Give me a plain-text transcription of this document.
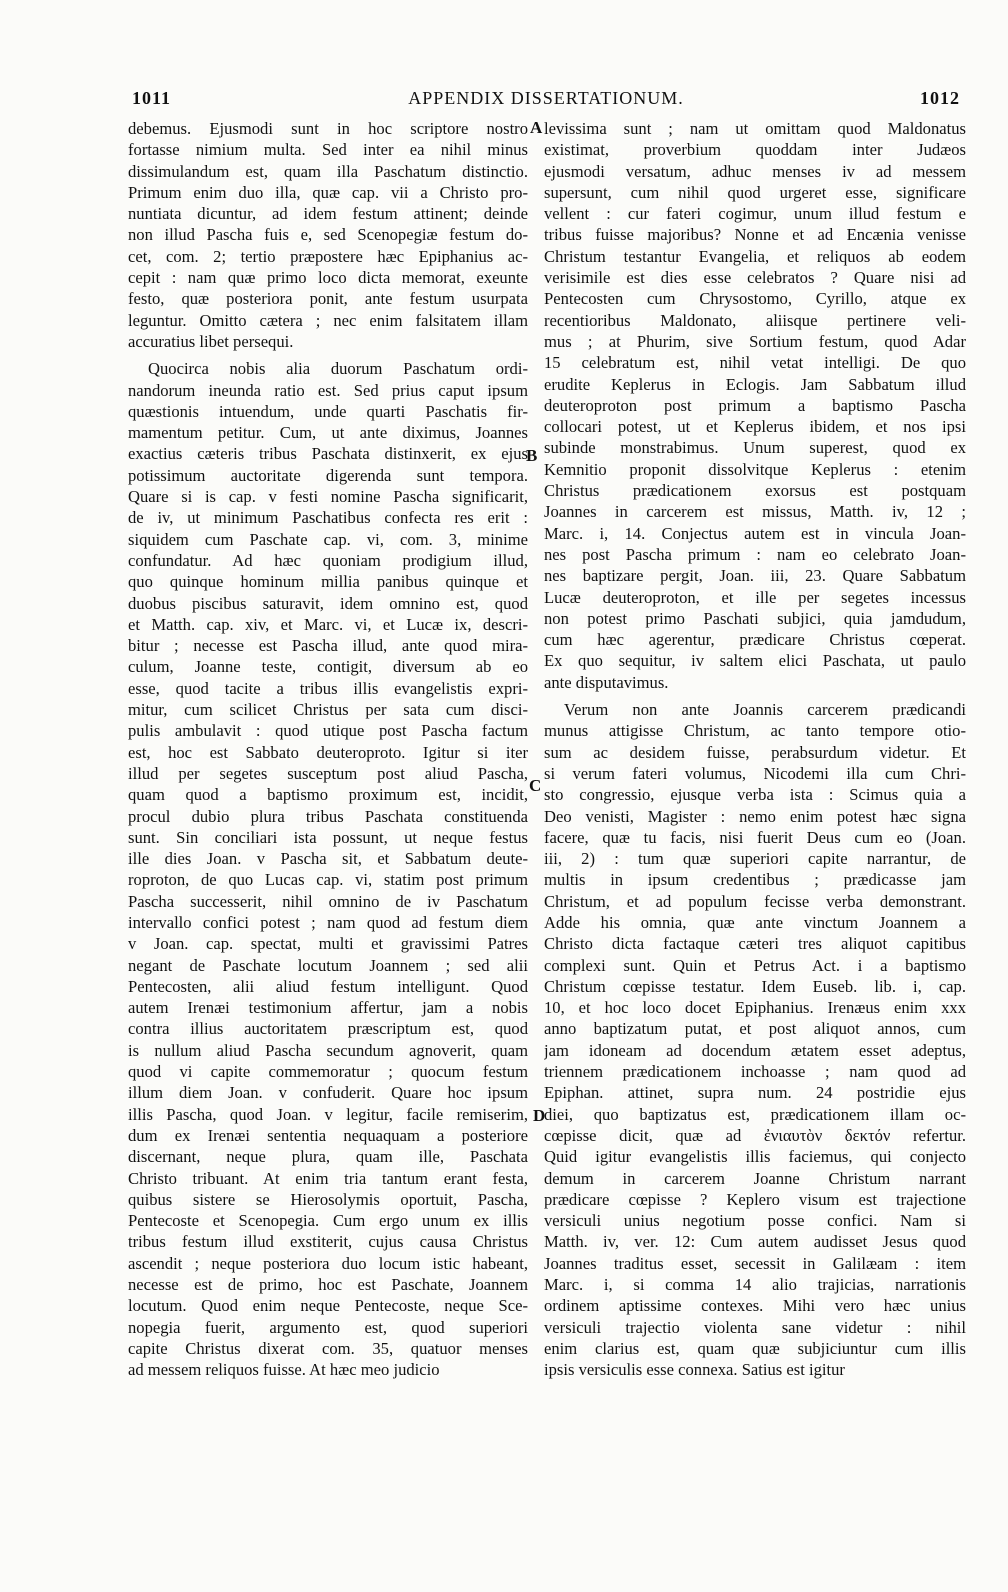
1011	APPENDIX DISSERTATIONUM.	1012
debemus. Ejusmodi sunt in hoc scriptore nostro
fortasse nimium multa. Sed inter ea nihil minus
dissimulandum est, quam illa Paschatum distinctio.
Primum enim duo illa, quæ cap. vii a Christo pro-
nuntiata dicuntur, ad idem festum attinent; deinde
non illud Pascha fuis e, sed Scenopegiæ festum do-
cet, com. 2; tertio præpostere hæc Epiphanius ac-
cepit : nam quæ primo loco dicta memorat, exeunte
festo, quæ posteriora ponit, ante festum usurpata
leguntur. Omitto cætera ; nec enim falsitatem illam
accuratius libet persequi.
Quocirca nobis alia duorum Paschatum ordi-
nandorum ineunda ratio est. Sed prius caput ipsum
quæstionis intuendum, unde quarti Paschatis fir-
mamentum petitur. Cum, ut ante diximus, Joannes
exactius cæteris tribus Paschata distinxerit, ex ejus
potissimum auctoritate digerenda sunt tempora.
Quare si is cap. v festi nomine Pascha significarit,
de iv, ut minimum Paschatibus confecta res erit :
siquidem cum Paschate cap. vi, com. 3, minime
confundatur. Ad hæc quoniam prodigium illud,
quo quinque hominum millia panibus quinque et
duobus piscibus saturavit, idem omnino est, quod
et Matth. cap. xiv, et Marc. vi, et Lucæ ix, descri-
bitur ; necesse est Pascha illud, ante quod mira-
culum, Joanne teste, contigit, diversum ab eo
esse, quod tacite a tribus illis evangelistis expri-
mitur, cum scilicet Christus per sata cum disci-
pulis ambulavit : quod utique post Pascha factum
est, hoc est Sabbato deuteroproto. Igitur si iter
illud per segetes susceptum post aliud Pascha,
quam quod a baptismo proximum est, incidit,
procul dubio plura tribus Paschata constituenda
sunt. Sin conciliari ista possunt, ut neque festus
ille dies Joan. v Pascha sit, et Sabbatum deute-
roproton, de quo Lucas cap. vi, statim post primum
Pascha successerit, nihil omnino de iv Paschatum
intervallo confici potest ; nam quod ad festum diem
v Joan. cap. spectat, multi et gravissimi Patres
negant de Paschate locutum Joannem ; sed alii
Pentecosten, alii aliud festum intelligunt. Quod
autem Irenæi testimonium affertur, jam a nobis
contra illius auctoritatem præscriptum est, quod
is nullum aliud Pascha secundum agnoverit, quam
quod vi capite commemoratur ; quocum festum
illum diem Joan. v confuderit. Quare hoc ipsum
illis Pascha, quod Joan. v legitur, facile remiserim,
dum ex Irenæi sententia nequaquam a posteriore
discernant, neque plura, quam ille, Paschata
Christo tribuant. At enim tria tantum erant festa,
quibus sistere se Hierosolymis oportuit, Pascha,
Pentecoste et Scenopegia. Cum ergo unum ex illis
tribus festum illud exstiterit, cujus causa Christus
ascendit ; neque posteriora duo locum istic habeant,
necesse est de primo, hoc est Paschate, Joannem
locutum. Quod enim neque Pentecoste, neque Sce-
nopegia fuerit, argumento est, quod superiori
capite Christus dixerat com. 35, quatuor menses
ad messem reliquos fuisse. At hæc meo judicio
levissima sunt ; nam ut omittam quod Maldonatus
existimat, proverbium quoddam inter Judæos
ejusmodi versatum, adhuc menses iv ad messem
supersunt, cum nihil quod urgeret esse, significare
vellent : cur fateri cogimur, unum illud festum e
tribus fuisse majoribus? Nonne et ad Encænia venisse
Christum testantur Evangelia, et reliquos ab eodem
verisimile est dies esse celebratos ? Quare nisi ad
Pentecosten cum Chrysostomo, Cyrillo, atque ex
recentioribus Maldonato, aliisque pertinere veli-
mus ; at Phurim, sive Sortium festum, quod Adar
15 celebratum est, nihil vetat intelligi. De quo
erudite Keplerus in Eclogis. Jam Sabbatum illud
deuteroproton post primum a baptismo Pascha
collocari potest, ut et Keplerus ibidem, et nos ipsi
subinde monstrabimus. Unum superest, quod ex
Kemnitio proponit dissolvitque Keplerus : etenim
Christus prædicationem exorsus est postquam
Joannes in carcerem est missus, Matth. iv, 12 ;
Marc. i, 14. Conjectus autem est in vincula Joan-
nes post Pascha primum : nam eo celebrato Joan-
nes baptizare pergit, Joan. iii, 23. Quare Sabbatum
Lucæ deuteroproton, et ille per segetes incessus
non potest primo Paschati subjici, quia jamdudum,
cum hæc agerentur, prædicare Christus cœperat.
Ex quo sequitur, iv saltem elici Paschata, ut paulo
ante disputavimus.
Verum non ante Joannis carcerem prædicandi
munus attigisse Christum, ac tanto tempore otio-
sum ac desidem fuisse, perabsurdum videtur. Et
si verum fateri volumus, Nicodemi illa cum Chri-
sto congressio, ejusque verba ista : Scimus quia a
Deo venisti, Magister : nemo enim potest hæc signa
facere, quæ tu facis, nisi fuerit Deus cum eo (Joan.
iii, 2) : tum quæ superiori capite narrantur, de
multis in ipsum credentibus ; prædicasse jam
Christum, et ad populum fecisse verba demonstrant.
Adde his omnia, quæ ante vinctum Joannem a
Christo dicta factaque cæteri tres aliquot capitibus
complexi sunt. Quin et Petrus Act. i a baptismo
Christum cœpisse testatur. Idem Euseb. lib. i, cap.
10, et hoc loco docet Epiphanius. Irenæus enim xxx
anno baptizatum putat, et post aliquot annos, cum
jam idoneam ad docendum ætatem esset adeptus,
triennem prædicationem inchoasse ; nam quod ad
Epiphan. attinet, supra num. 24 postridie ejus
diei, quo baptizatus est, prædicationem illam oc-
cœpisse dicit, quæ ad ἐνιαυτὸν δεκτόν refertur.
Quid igitur evangelistis illis faciemus, qui conjecto
demum in carcerem Joanne Christum narrant
prædicare cœpisse ? Keplero visum est trajectione
versiculi unius negotium posse confici. Nam si
Matth. iv, ver. 12: Cum autem audisset Jesus quod
Joannes traditus esset, secessit in Galilæam : item
Marc. i, si comma 14 alio trajicias, narrationis
ordinem aptissime contexes. Mihi vero hæc unius
versiculi trajectio violenta sane videtur : nihil
enim clarius est, quam quæ subjiciuntur cum illis
ipsis versiculis esse connexa. Satius est igitur
A
B
C
D
